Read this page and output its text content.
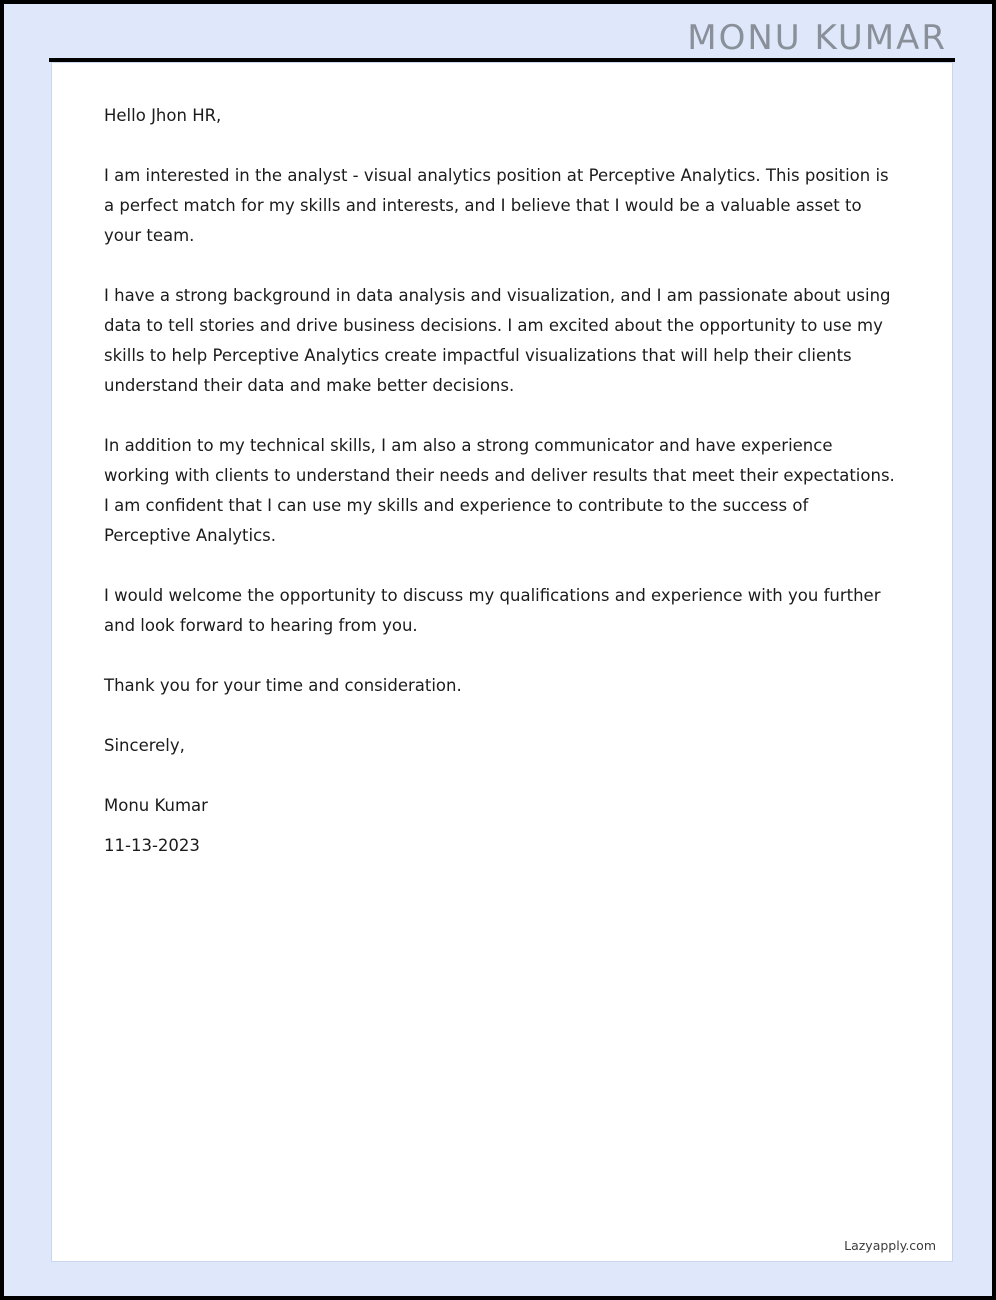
MONU KUMAR

Hello Jhon HR,

I am interested in the analyst - visual analytics position at Perceptive Analytics. This position is a perfect match for my skills and interests, and I believe that I would be a valuable asset to your team.

I have a strong background in data analysis and visualization, and I am passionate about using data to tell stories and drive business decisions. I am excited about the opportunity to use my skills to help Perceptive Analytics create impactful visualizations that will help their clients understand their data and make better decisions.

In addition to my technical skills, I am also a strong communicator and have experience working with clients to understand their needs and deliver results that meet their expectations. I am confident that I can use my skills and experience to contribute to the success of Perceptive Analytics.

I would welcome the opportunity to discuss my qualifications and experience with you further and look forward to hearing from you.

Thank you for your time and consideration.

Sincerely,

Monu Kumar

11-13-2023

Lazyapply.com
